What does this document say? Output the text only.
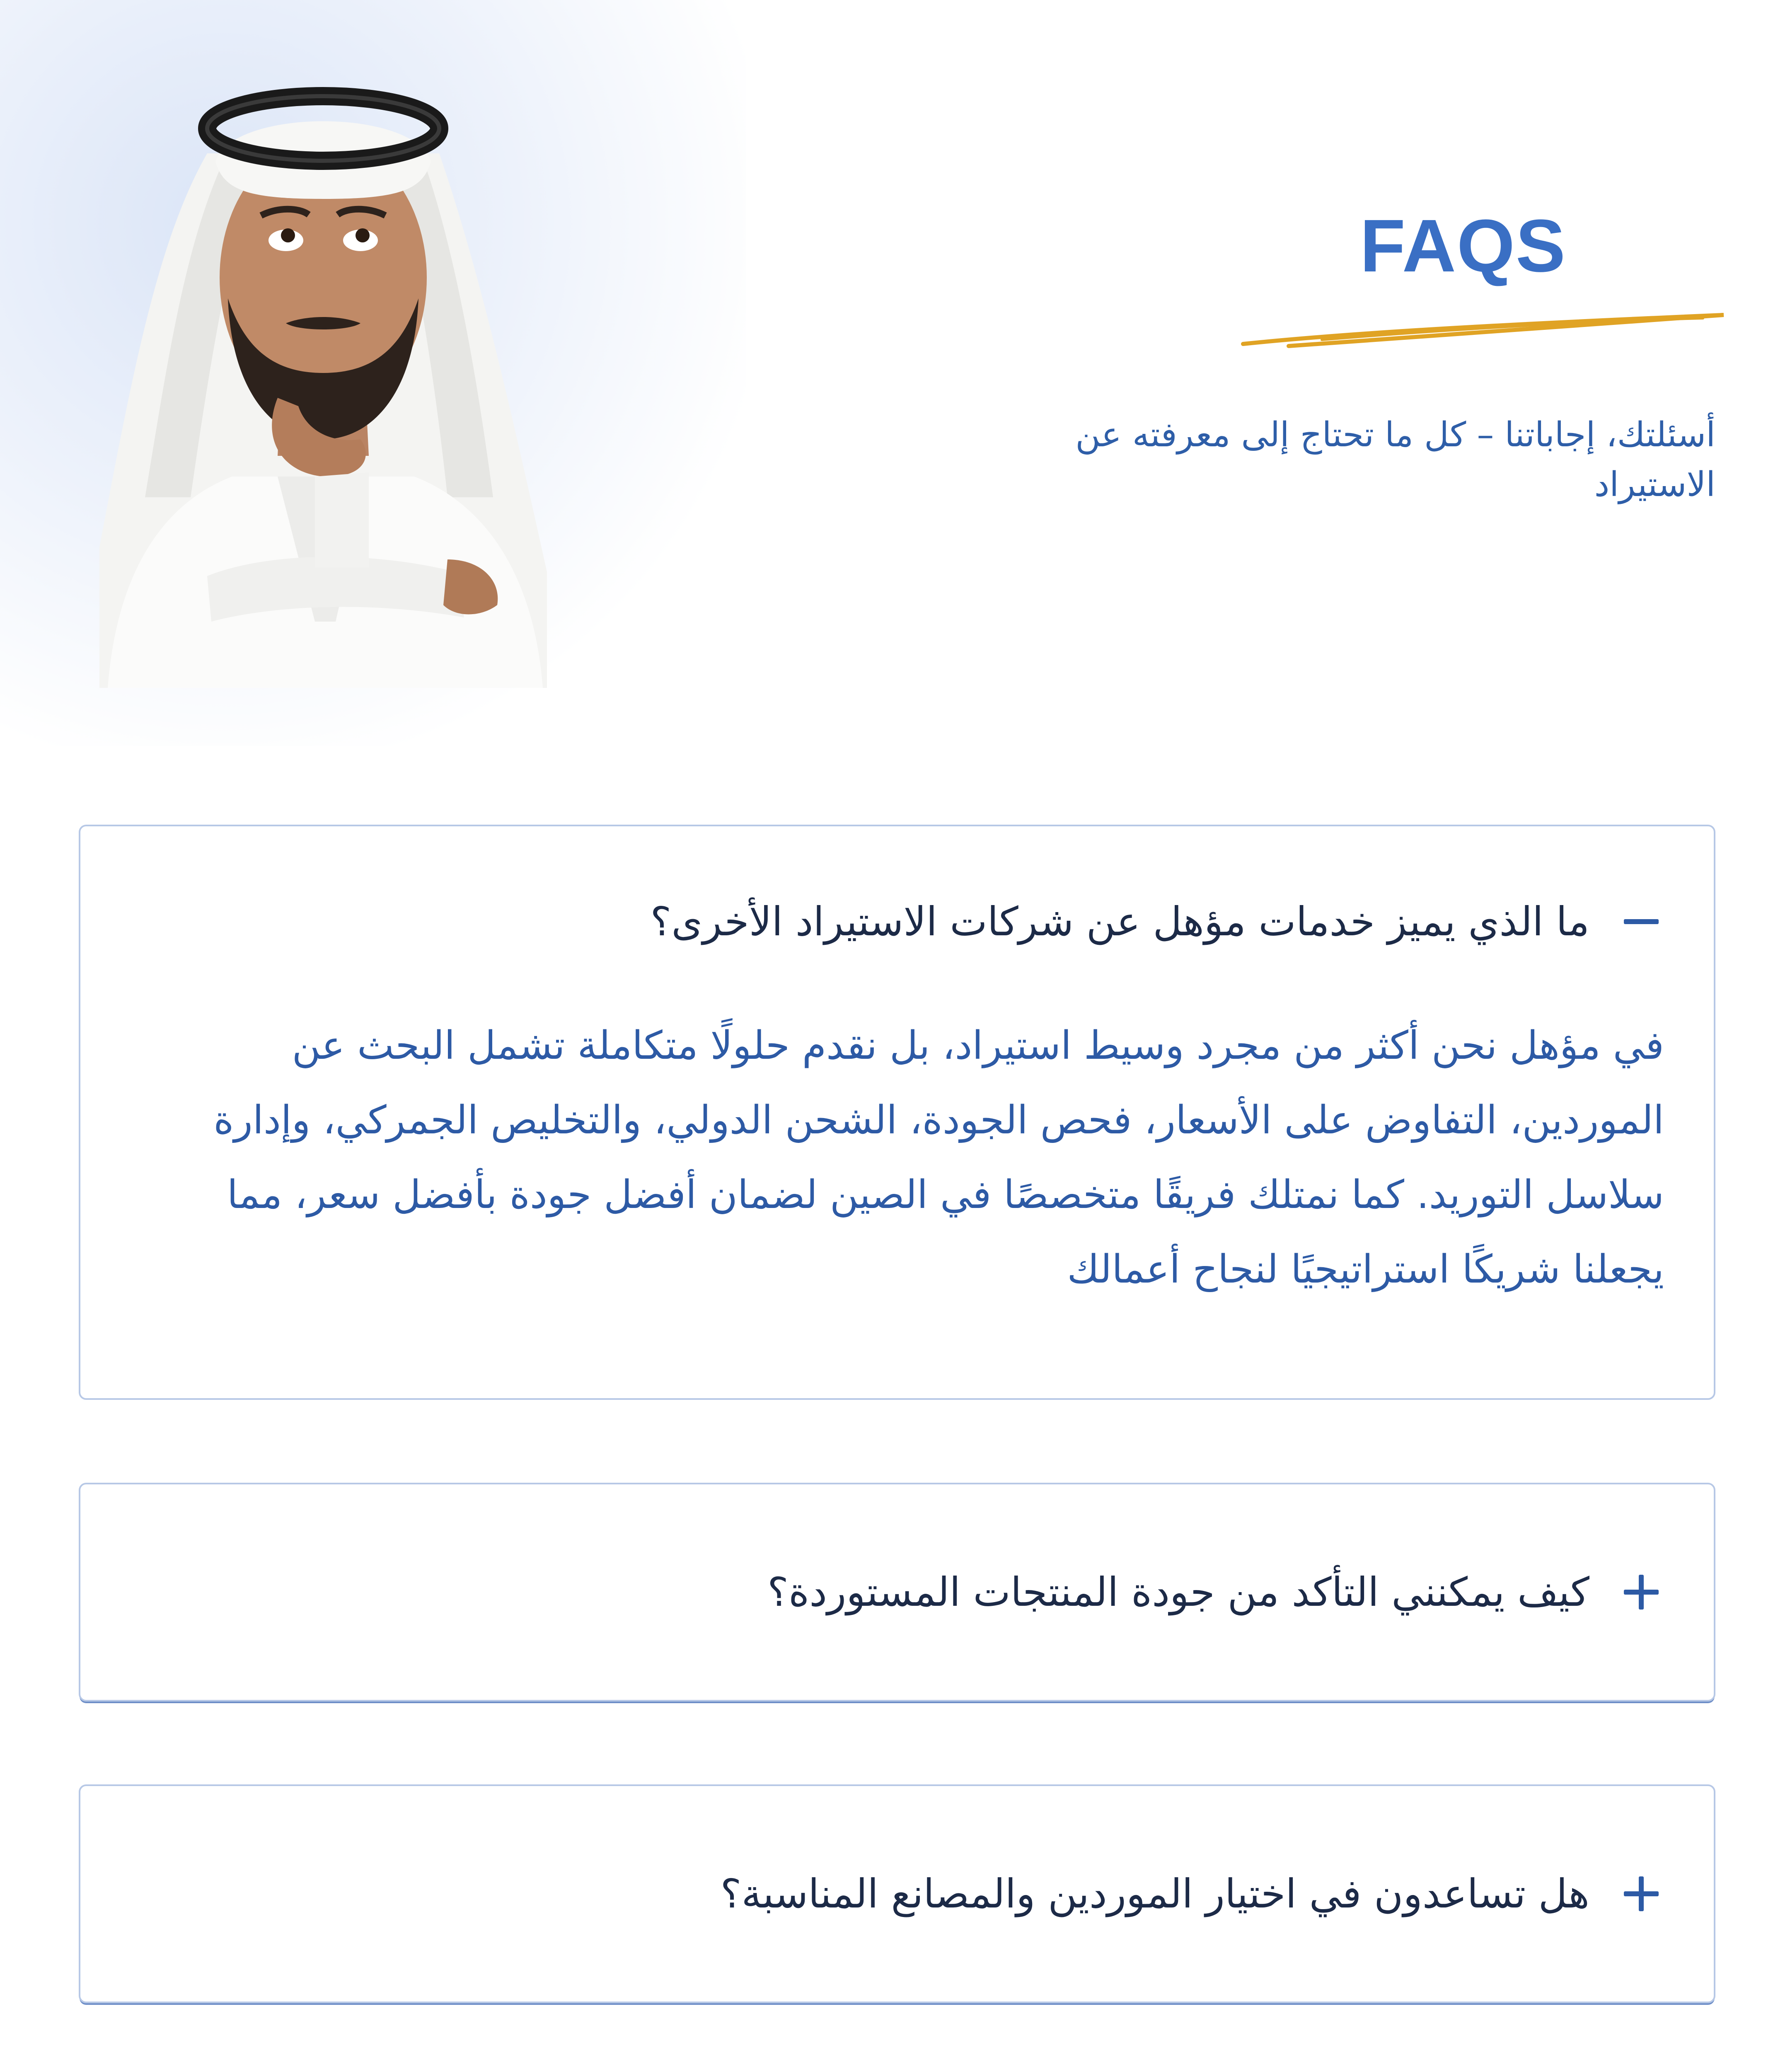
FAQS

أسئلتك، إجاباتنا – كل ما تحتاج إلى معرفته عن الاستيراد

ما الذي يميز خدمات مؤهل عن شركات الاستيراد الأخرى؟
في مؤهل نحن أكثر من مجرد وسيط استيراد، بل نقدم حلولًا متكاملة تشمل البحث عن الموردين، التفاوض على الأسعار، فحص الجودة، الشحن الدولي، والتخليص الجمركي، وإدارة سلاسل التوريد. كما نمتلك فريقًا متخصصًا في الصين لضمان أفضل جودة بأفضل سعر، مما يجعلنا شريكًا استراتيجيًا لنجاح أعمالك
كيف يمكنني التأكد من جودة المنتجات المستوردة؟
هل تساعدون في اختيار الموردين والمصانع المناسبة؟
